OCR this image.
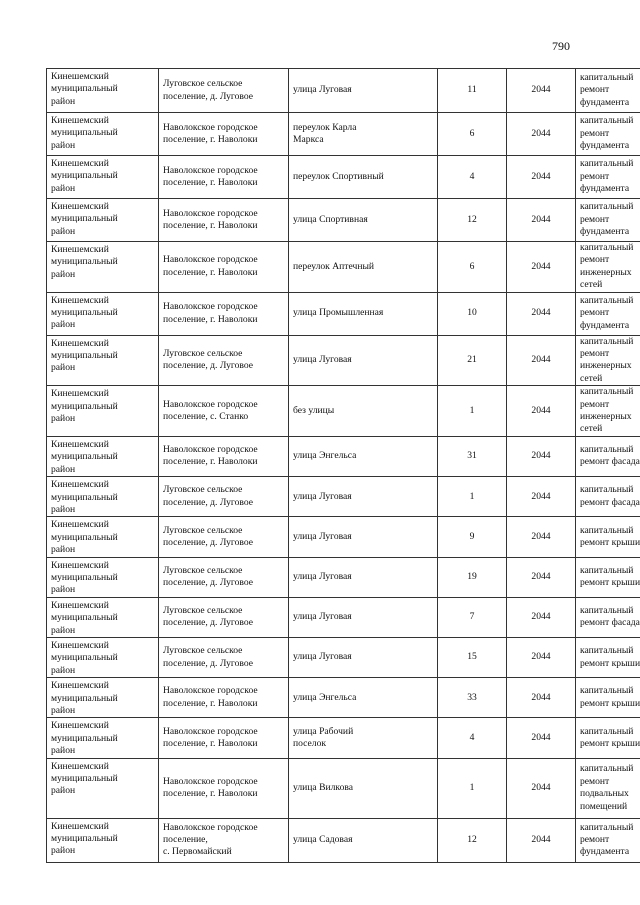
790
Кинешемский
муниципальный
район	Луговское сельское
поселение, д. Луговое	улица Луговая	11	2044	капитальный
ремонт
фундамента

Кинешемский
муниципальный
район	Наволокское городское
поселение, г. Наволоки	переулок Карла
Маркса	6	2044	капитальный
ремонт
фундамента

Кинешемский
муниципальный
район	Наволокское городское
поселение, г. Наволоки	переулок Спортивный	4	2044	капитальный
ремонт
фундамента

Кинешемский
муниципальный
район	Наволокское городское
поселение, г. Наволоки	улица Спортивная	12	2044	капитальный
ремонт
фундамента

Кинешемский
муниципальный
район	Наволокское городское
поселение, г. Наволоки	переулок Аптечный	6	2044	капитальный
ремонт
инженерных
сетей

Кинешемский
муниципальный
район	Наволокское городское
поселение, г. Наволоки	улица Промышленная	10	2044	капитальный
ремонт
фундамента

Кинешемский
муниципальный
район	Луговское сельское
поселение, д. Луговое	улица Луговая	21	2044	капитальный
ремонт
инженерных
сетей

Кинешемский
муниципальный
район	Наволокское городское
поселение, с. Станко	без улицы	1	2044	капитальный
ремонт
инженерных
сетей

Кинешемский
муниципальный
район	Наволокское городское
поселение, г. Наволоки	улица Энгельса	31	2044	капитальный
ремонт фасада

Кинешемский
муниципальный
район	Луговское сельское
поселение, д. Луговое	улица Луговая	1	2044	капитальный
ремонт фасада

Кинешемский
муниципальный
район	Луговское сельское
поселение, д. Луговое	улица Луговая	9	2044	капитальный
ремонт крыши

Кинешемский
муниципальный
район	Луговское сельское
поселение, д. Луговое	улица Луговая	19	2044	капитальный
ремонт крыши

Кинешемский
муниципальный
район	Луговское сельское
поселение, д. Луговое	улица Луговая	7	2044	капитальный
ремонт фасада

Кинешемский
муниципальный
район	Луговское сельское
поселение, д. Луговое	улица Луговая	15	2044	капитальный
ремонт крыши

Кинешемский
муниципальный
район	Наволокское городское
поселение, г. Наволоки	улица Энгельса	33	2044	капитальный
ремонт крыши

Кинешемский
муниципальный
район	Наволокское городское
поселение, г. Наволоки	улица Рабочий
поселок	4	2044	капитальный
ремонт крыши

Кинешемский
муниципальный
район	Наволокское городское
поселение, г. Наволоки	улица Вилкова	1	2044	капитальный
ремонт
подвальных
помещений

Кинешемский
муниципальный
район	Наволокское городское
поселение,
с. Первомайский	улица Садовая	12	2044	капитальный
ремонт
фундамента
